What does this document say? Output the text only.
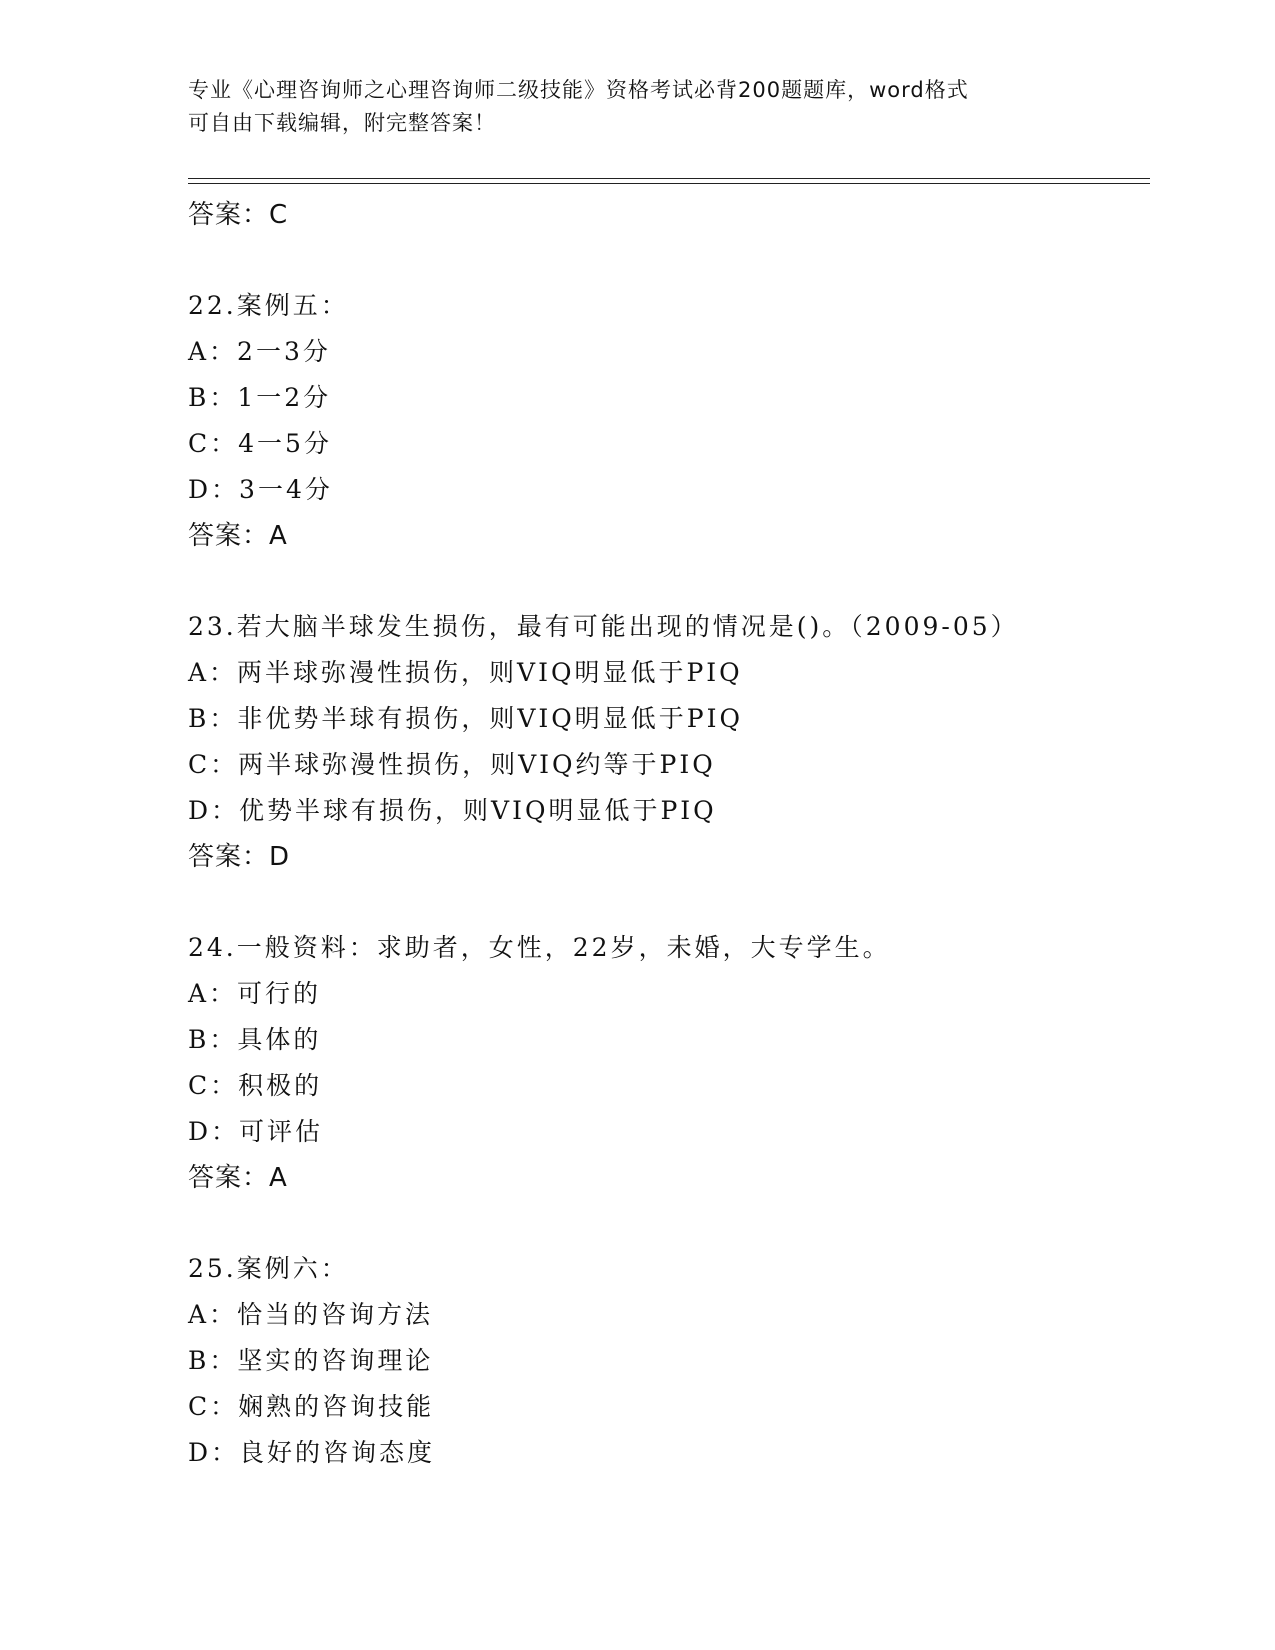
专业《心理咨询师之心理咨询师二级技能》资格考试必背200题题库，word格式
可自由下载编辑，附完整答案！
答案：C
22.案例五：
A：2一3分
B：1一2分
C：4一5分
D：3一4分
答案：A
23.若大脑半球发生损伤，最有可能出现的情况是()。（2009-05）
A：两半球弥漫性损伤，则VIQ明显低于PIQ
B：非优势半球有损伤，则VIQ明显低于PIQ
C：两半球弥漫性损伤，则VIQ约等于PIQ
D：优势半球有损伤，则VIQ明显低于PIQ
答案：D
24.一般资料：求助者，女性，22岁，未婚，大专学生。
A：可行的
B：具体的
C：积极的
D：可评估
答案：A
25.案例六：
A：恰当的咨询方法
B：坚实的咨询理论
C：娴熟的咨询技能
D：良好的咨询态度
